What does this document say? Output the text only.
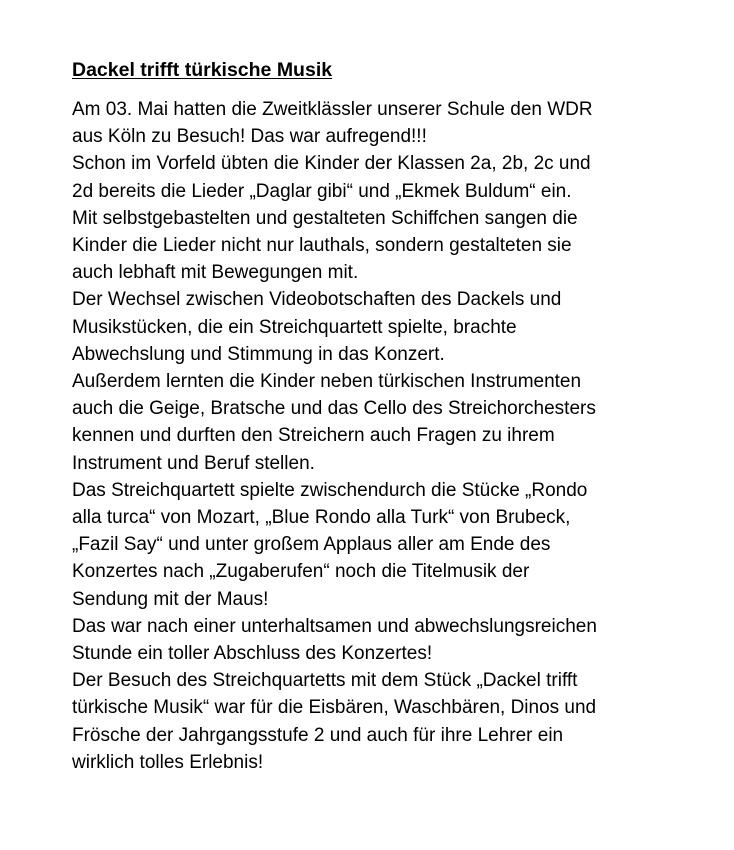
Dackel trifft türkische Musik
Am 03. Mai hatten die Zweitklässler unserer Schule den WDR
aus Köln zu Besuch! Das war aufregend!!!
Schon im Vorfeld übten die Kinder der Klassen 2a, 2b, 2c und
2d bereits die Lieder „Daglar gibi“ und „Ekmek Buldum“ ein.
Mit selbstgebastelten und gestalteten Schiffchen sangen die
Kinder die Lieder nicht nur lauthals, sondern gestalteten sie
auch lebhaft mit Bewegungen mit.
Der Wechsel zwischen Videobotschaften des Dackels und
Musikstücken, die ein Streichquartett spielte, brachte
Abwechslung und Stimmung in das Konzert.
Außerdem lernten die Kinder neben türkischen Instrumenten
auch die Geige, Bratsche und das Cello des Streichorchesters
kennen und durften den Streichern auch Fragen zu ihrem
Instrument und Beruf stellen.
Das Streichquartett spielte zwischendurch die Stücke „Rondo
alla turca“ von Mozart, „Blue Rondo alla Turk“ von Brubeck,
„Fazil Say“ und unter großem Applaus aller am Ende des
Konzertes nach „Zugaberufen“ noch die Titelmusik der
Sendung mit der Maus!
Das war nach einer unterhaltsamen und abwechslungsreichen
Stunde ein toller Abschluss des Konzertes!
Der Besuch des Streichquartetts mit dem Stück „Dackel trifft
türkische Musik“ war für die Eisbären, Waschbären, Dinos und
Frösche der Jahrgangsstufe 2 und auch für ihre Lehrer ein
wirklich tolles Erlebnis!
